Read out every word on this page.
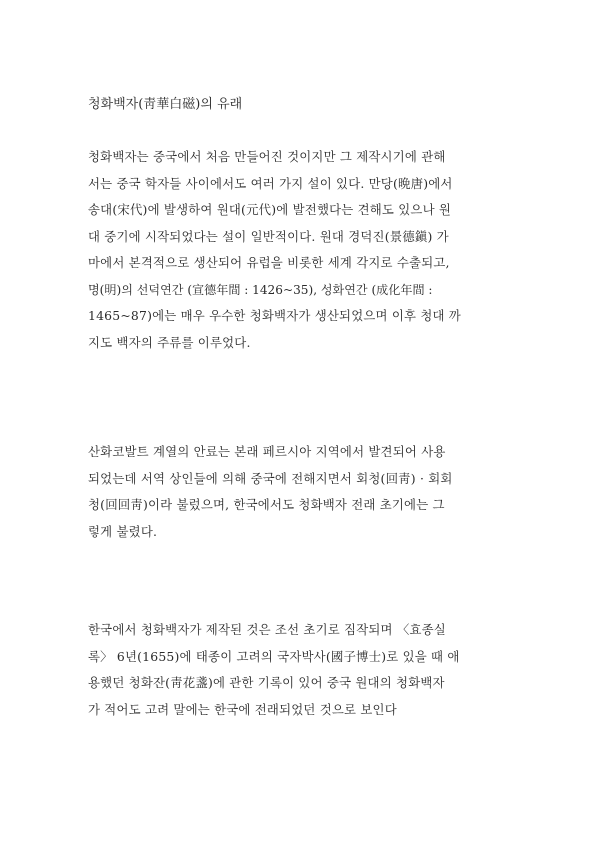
청화백자(靑華白磁)의 유래
청화백자는 중국에서 처음 만들어진 것이지만 그 제작시기에 관해
서는 중국 학자들 사이에서도 여러 가지 설이 있다. 만당(晩唐)에서
송대(宋代)에 발생하여 원대(元代)에 발전했다는 견해도 있으나 원
대 중기에 시작되었다는 설이 일반적이다. 원대 경덕진(景德鎭) 가
마에서 본격적으로 생산되어 유럽을 비롯한 세계 각지로 수출되고,
명(明)의 선덕연간 (宣德年間 : 1426~35), 성화연간 (成化年間 :
1465~87)에는 매우 우수한 청화백자가 생산되었으며 이후 청대 까
지도 백자의 주류를 이루었다.
산화코발트 계열의 안료는 본래 페르시아 지역에서 발견되어 사용
되었는데 서역 상인들에 의해 중국에 전해지면서 회청(回靑) · 회회
청(回回靑)이라 불렀으며, 한국에서도 청화백자 전래 초기에는 그
렇게 불렸다.
한국에서 청화백자가 제작된 것은 조선 초기로 짐작되며 〈효종실
록〉 6년(1655)에 태종이 고려의 국자박사(國子博士)로 있을 때 애
용했던 청화잔(靑花盞)에 관한 기록이 있어 중국 원대의 청화백자
가 적어도 고려 말에는 한국에 전래되었던 것으로 보인다
